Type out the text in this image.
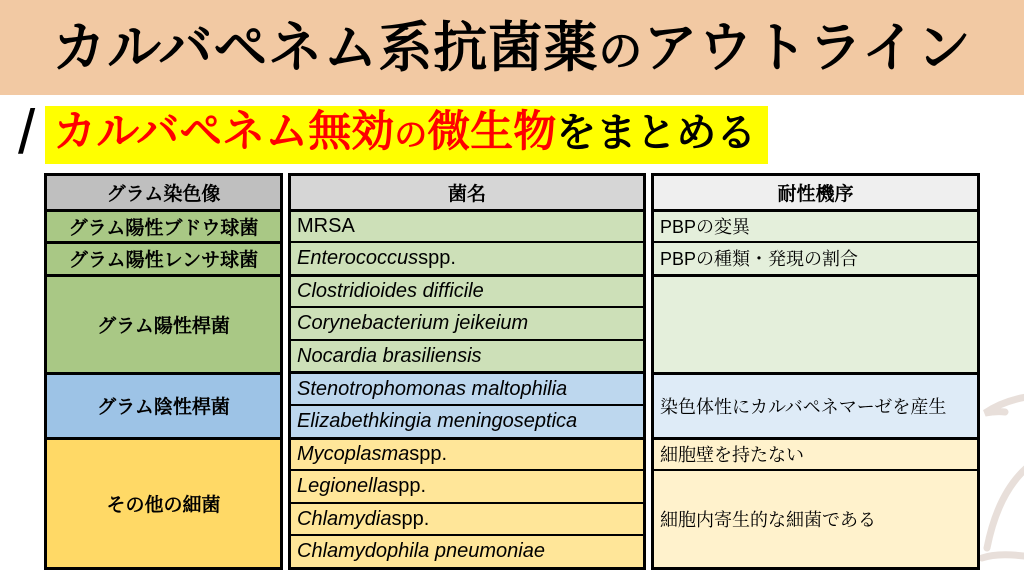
カルバペネム系抗菌薬 の アウトライン
/ カルバペネム無効 の 微生物 をまとめる
グラム染色像
グラム陽性ブドウ球菌
グラム陽性レンサ球菌
グラム陽性桿菌
グラム陰性桿菌
その他の細菌
菌名
MRSA
Enterococcus spp.
Clostridioides difficile
Corynebacterium jeikeium
Nocardia brasiliensis
Stenotrophomonas maltophilia
Elizabethkingia meningoseptica
Mycoplasma spp.
Legionella spp.
Chlamydia spp.
Chlamydophila pneumoniae
耐性機序
PBPの変異
PBPの種類・発現の割合
染色体性にカルバペネマーゼを産生
細胞壁を持たない
細胞内寄生的な細菌である
